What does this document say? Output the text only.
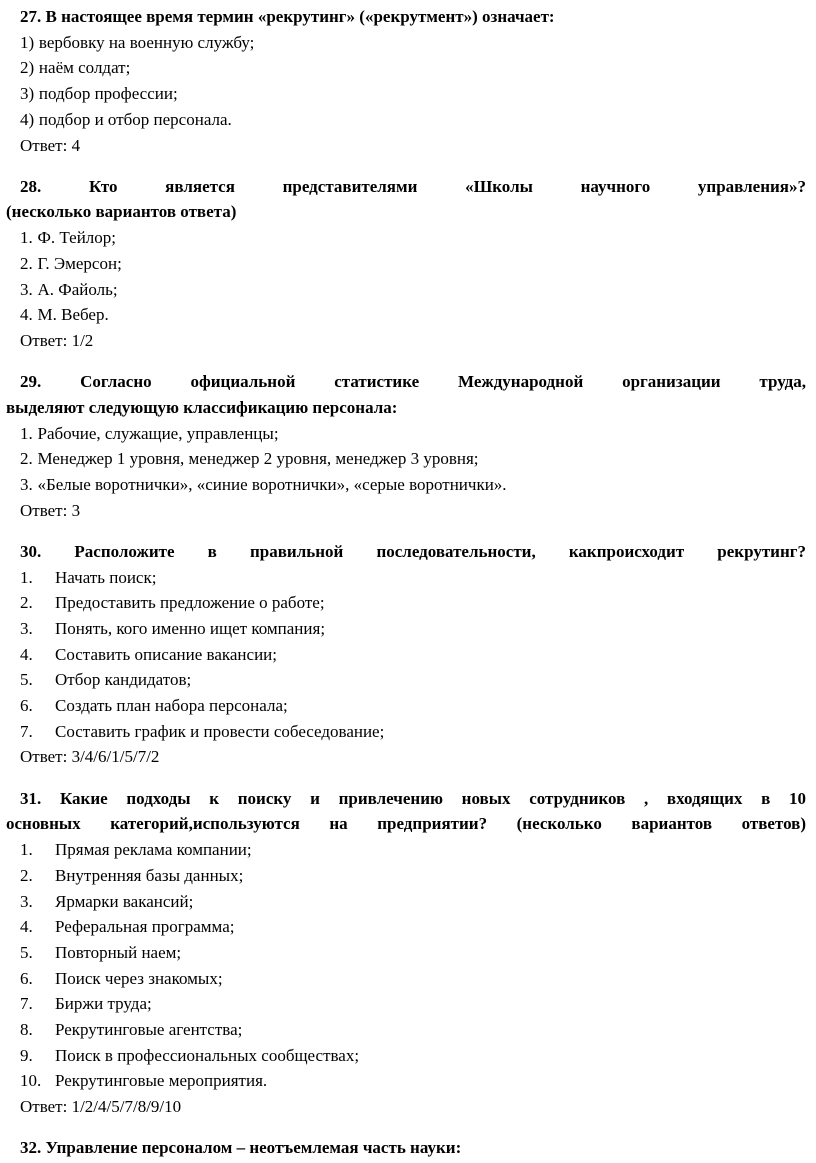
27. В настоящее время термин «рекрутинг» («рекрутмент») означает:
1) вербовку на военную службу;
2) наём солдат;
3) подбор профессии;
4) подбор и отбор персонала.
Ответ: 4
28. Кто является представителями «Школы научного управления»?
(несколько вариантов ответа)
1. Ф. Тейлор;
2. Г. Эмерсон;
3. А. Файоль;
4. М. Вебер.
Ответ: 1/2
29. Согласно официальной статистике Международной организации труда,
выделяют следующую классификацию персонала:
1. Рабочие, служащие, управленцы;
2. Менеджер 1 уровня, менеджер 2 уровня, менеджер 3 уровня;
3. «Белые воротнички», «синие воротнички», «серые воротнички».
Ответ: 3
30. Расположите в правильной последовательности, какпроисходит рекрутинг?
1. Начать поиск;
2. Предоставить предложение о работе;
3. Понять, кого именно ищет компания;
4. Составить описание вакансии;
5. Отбор кандидатов;
6. Создать план набора персонала;
7. Составить график и провести собеседование;
Ответ: 3/4/6/1/5/7/2
31. Какие подходы к поиску и привлечению новых сотрудников , входящих в 10
основных категорий,используются на предприятии? (несколько вариантов ответов)
1. Прямая реклама компании;
2. Внутренняя базы данных;
3. Ярмарки вакансий;
4. Реферальная программа;
5. Повторный наем;
6. Поиск через знакомых;
7. Биржи труда;
8. Рекрутинговые агентства;
9. Поиск в профессиональных сообществах;
10. Рекрутинговые мероприятия.
Ответ: 1/2/4/5/7/8/9/10
32. Управление персоналом – неотъемлемая часть науки:
